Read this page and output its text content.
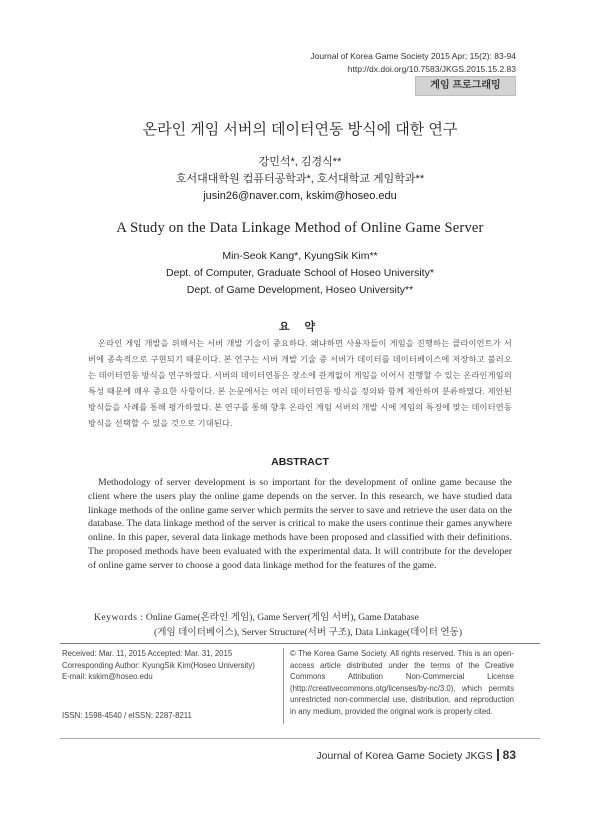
Journal of Korea Game Society 2015 Apr; 15(2): 83-94
http://dx.doi.org/10.7583/JKGS.2015.15.2.83
게임 프로그래밍
온라인 게임 서버의 데이터연동 방식에 대한 연구
강민석*, 김경식**
호서대대학원 컴퓨터공학과*, 호서대학교 게임학과**
jusin26@naver.com, kskim@hoseo.edu
A Study on the Data Linkage Method of Online Game Server
Min-Seok Kang*, KyungSik Kim**
Dept. of Computer, Graduate School of Hoseo University*
Dept. of Game Development, Hoseo University**
요 약
온라인 게임 개발을 위해서는 서버 개발 기술이 중요하다. 왜냐하면 사용자들이 게임을 진행하는 클라이언트가 서버에 종속적으로 구현되기 때문이다. 본 연구는 서버 개발 기술 중 서버가 데이터를 데이터베이스에 저장하고 불러오는 데이터연동 방식을 연구하였다. 서버의 데이터연동은 장소에 관계없이 게임을 이어서 진행할 수 있는 온라인게임의 특성 때문에 매우 중요한 사항이다. 본 논문에서는 여러 데이터연동 방식을 정의와 함께 제안하며 분류하였다. 제안된 방식들을 사례를 통해 평가하였다. 본 연구를 통해 향후 온라인 게임 서버의 개발 시에 게임의 특징에 맞는 데이터연동 방식을 선택할 수 있을 것으로 기대된다.
ABSTRACT
Methodology of server development is so important for the development of online game because the client where the users play the online game depends on the server. In this research, we have studied data linkage methods of the online game server which permits the server to save and retrieve the user data on the database. The data linkage method of the server is critical to make the users continue their games anywhere online. In this paper, several data linkage methods have been proposed and classified with their definitions. The proposed methods have been evaluated with the experimental data. It will contribute for the developer of online game server to choose a good data linkage method for the features of the game.
Keywords : Online Game(온라인 게임), Game Server(게임 서버), Game Database
(게임 데이터베이스), Server Structure(서버 구조), Data Linkage(데이터 연동)
Received: Mar. 11, 2015 Accepted: Mar. 31, 2015
Corresponding Author: KyungSik Kim(Hoseo University)
E-mail: kskim@hoseo.edu
ISSN: 1598-4540 / eISSN: 2287-8211
© The Korea Game Society. All rights reserved. This is an open-access article distributed under the terms of the Creative Commons Attribution Non-Commercial License (http://creativecommons.otg/licenses/by-nc/3.0), which permits unrestricted non-commercial use, distribution, and reproduction in any medium, provided the original work is properly cited.
Journal of Korea Game Society JKGS 83
